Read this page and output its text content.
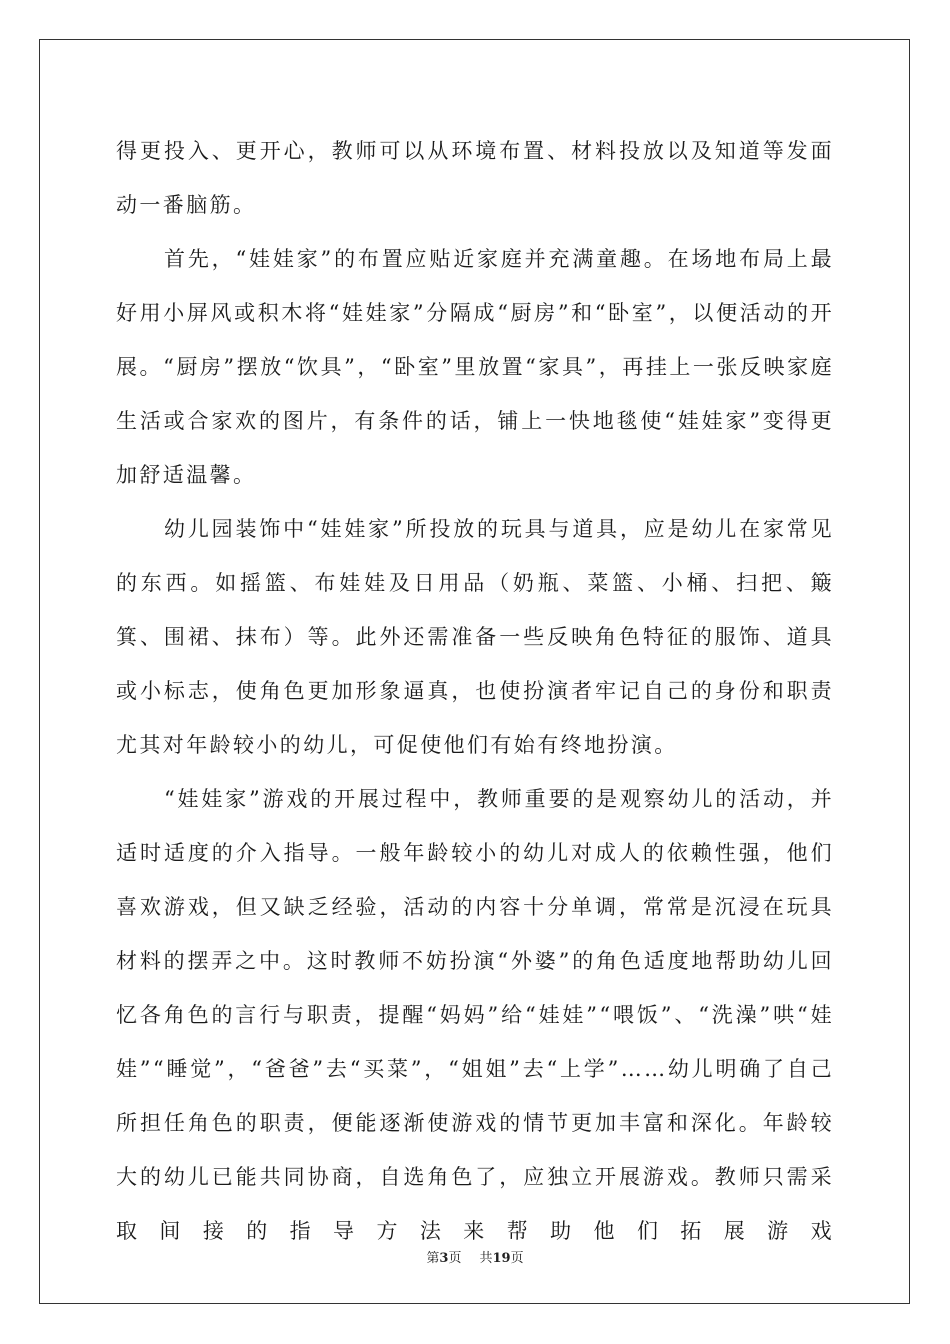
得更投入、更开心，教师可以从环境布置、材料投放以及知道等发面动一番脑筋。

首先，“娃娃家”的布置应贴近家庭并充满童趣。在场地布局上最好用小屏风或积木将“娃娃家”分隔成“厨房”和“卧室”，以便活动的开展。“厨房”摆放“饮具”，“卧室”里放置“家具”，再挂上一张反映家庭生活或合家欢的图片，有条件的话，铺上一快地毯使“娃娃家”变得更加舒适温馨。

幼儿园装饰中“娃娃家”所投放的玩具与道具，应是幼儿在家常见的东西。如摇篮、布娃娃及日用品（奶瓶、菜篮、小桶、扫把、簸箕、围裙、抹布）等。此外还需准备一些反映角色特征的服饰、道具或小标志，使角色更加形象逼真，也使扮演者牢记自己的身份和职责尤其对年龄较小的幼儿，可促使他们有始有终地扮演。

“娃娃家”游戏的开展过程中，教师重要的是观察幼儿的活动，并适时适度的介入指导。一般年龄较小的幼儿对成人的依赖性强，他们喜欢游戏，但又缺乏经验，活动的内容十分单调，常常是沉浸在玩具材料的摆弄之中。这时教师不妨扮演“外婆”的角色适度地帮助幼儿回忆各角色的言行与职责，提醒“妈妈”给“娃娃”“喂饭”、“洗澡”哄“娃娃”“睡觉”，“爸爸”去“买菜”，“姐姐”去“上学”……幼儿明确了自己所担任角色的职责，便能逐渐使游戏的情节更加丰富和深化。年龄较大的幼儿已能共同协商，自选角色了，应独立开展游戏。教师只需采取间接的指导方法来帮助他们拓展游戏

第3页 共19页
